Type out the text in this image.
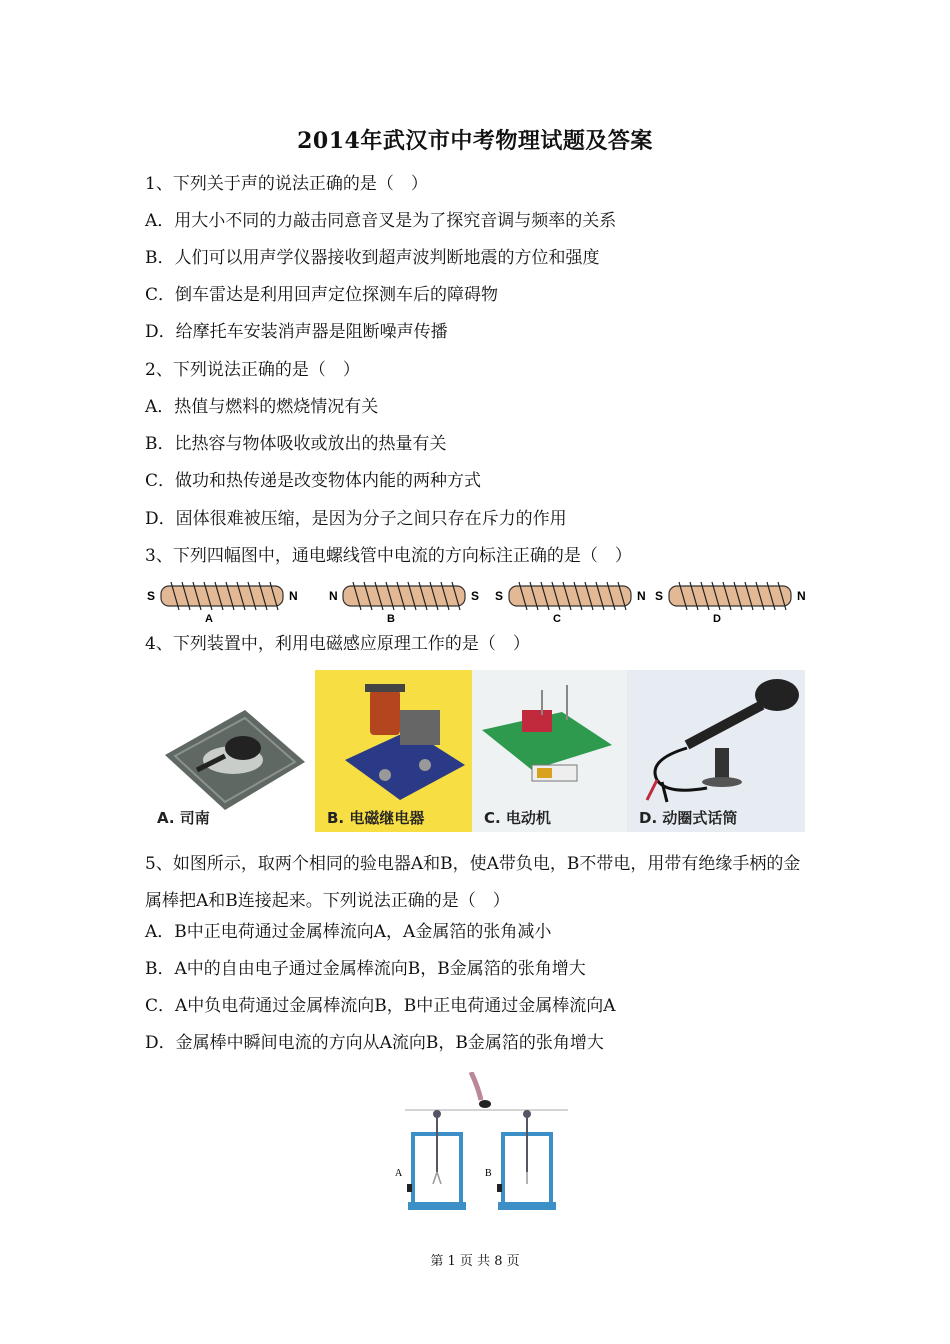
2014年武汉市中考物理试题及答案
1、下列关于声的说法正确的是（　）
A．用大小不同的力敲击同意音叉是为了探究音调与频率的关系
B．人们可以用声学仪器接收到超声波判断地震的方位和强度
C．倒车雷达是利用回声定位探测车后的障碍物
D．给摩托车安装消声器是阻断噪声传播
2、下列说法正确的是（　）
A．热值与燃料的燃烧情况有关
B．比热容与物体吸收或放出的热量有关
C．做功和热传递是改变物体内能的两种方式
D．固体很难被压缩，是因为分子之间只存在斥力的作用
3、下列四幅图中，通电螺线管中电流的方向标注正确的是（　）
S	N
A
N	S
B
S	N
C
S	N
D
4、下列装置中，利用电磁感应原理工作的是（　）
A. 司南	B. 电磁继电器	C. 电动机	D. 动圈式话筒
5、如图所示，取两个相同的验电器A和B，使A带负电，B不带电，用带有绝缘手柄的金属棒把A和B连接起来。下列说法正确的是（　）
A．B中正电荷通过金属棒流向A，A金属箔的张角减小
B．A中的自由电子通过金属棒流向B，B金属箔的张角增大
C．A中负电荷通过金属棒流向B，B中正电荷通过金属棒流向A
D．金属棒中瞬间电流的方向从A流向B，B金属箔的张角增大
A	B
第 1 页 共 8 页
